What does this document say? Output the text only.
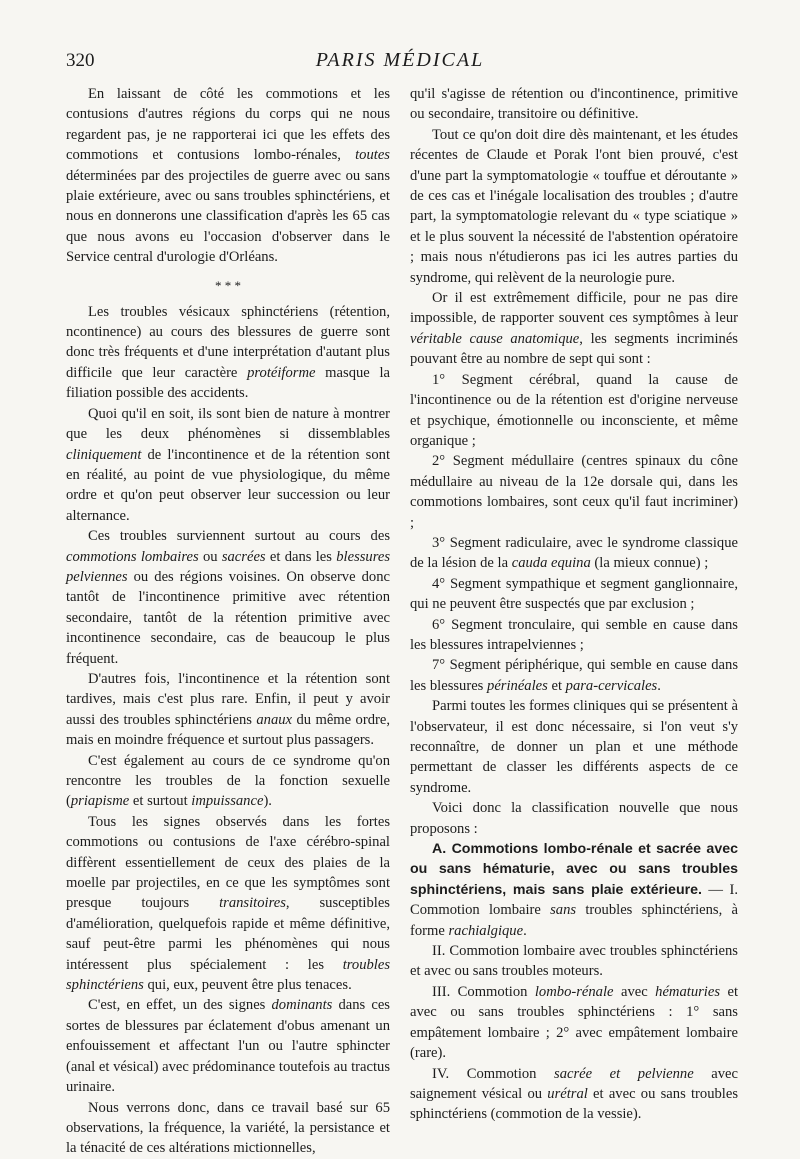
320	PARIS MÉDICAL

En laissant de côté les commotions et les contusions d'autres régions du corps qui ne nous regardent pas, je ne rapporterai ici que les effets des commotions et contusions lombo-rénales, toutes déterminées par des projectiles de guerre avec ou sans plaie extérieure, avec ou sans troubles sphinctériens, et nous en donnerons une classification d'après les 65 cas que nous avons eu l'occasion d'observer dans le Service central d'urologie d'Orléans.

* * *

Les troubles vésicaux sphinctériens (rétention, ncontinence) au cours des blessures de guerre sont donc très fréquents et d'une interprétation d'autant plus difficile que leur caractère protéiforme masque la filiation possible des accidents.

Quoi qu'il en soit, ils sont bien de nature à montrer que les deux phénomènes si dissemblables cliniquement de l'incontinence et de la rétention sont en réalité, au point de vue physiologique, du même ordre et qu'on peut observer leur succession ou leur alternance.

Ces troubles surviennent surtout au cours des commotions lombaires ou sacrées et dans les blessures pelviennes ou des régions voisines. On observe donc tantôt de l'incontinence primitive avec rétention secondaire, tantôt de la rétention primitive avec incontinence secondaire, cas de beaucoup le plus fréquent.

D'autres fois, l'incontinence et la rétention sont tardives, mais c'est plus rare. Enfin, il peut y avoir aussi des troubles sphinctériens anaux du même ordre, mais en moindre fréquence et surtout plus passagers.

C'est également au cours de ce syndrome qu'on rencontre les troubles de la fonction sexuelle (priapisme et surtout impuissance).

Tous les signes observés dans les fortes commotions ou contusions de l'axe cérébro-spinal diffèrent essentiellement de ceux des plaies de la moelle par projectiles, en ce que les symptômes sont presque toujours transitoires, susceptibles d'amélioration, quelquefois rapide et même définitive, sauf peut-être parmi les phénomènes qui nous intéressent plus spécialement : les troubles sphinctériens qui, eux, peuvent être plus tenaces.

C'est, en effet, un des signes dominants dans ces sortes de blessures par éclatement d'obus amenant un enfouissement et affectant l'un ou l'autre sphincter (anal et vésical) avec prédominance toutefois au tractus urinaire.

Nous verrons donc, dans ce travail basé sur 65 observations, la fréquence, la variété, la persistance et la ténacité de ces altérations mictionnelles,

qu'il s'agisse de rétention ou d'incontinence, primitive ou secondaire, transitoire ou définitive.

Tout ce qu'on doit dire dès maintenant, et les études récentes de Claude et Porak l'ont bien prouvé, c'est d'une part la symptomatologie « touffue et déroutante » de ces cas et l'inégale localisation des troubles ; d'autre part, la symptomatologie relevant du « type sciatique » et le plus souvent la nécessité de l'abstention opératoire ; mais nous n'étudierons pas ici les autres parties du syndrome, qui relèvent de la neurologie pure.

Or il est extrêmement difficile, pour ne pas dire impossible, de rapporter souvent ces symptômes à leur véritable cause anatomique, les segments incriminés pouvant être au nombre de sept qui sont :

1° Segment cérébral, quand la cause de l'incontinence ou de la rétention est d'origine nerveuse et psychique, émotionnelle ou inconsciente, et même organique ;

2° Segment médullaire (centres spinaux du cône médullaire au niveau de la 12e dorsale qui, dans les commotions lombaires, sont ceux qu'il faut incriminer) ;

3° Segment radiculaire, avec le syndrome classique de la lésion de la cauda equina (la mieux connue) ;

4° Segment sympathique et segment ganglionnaire, qui ne peuvent être suspectés que par exclusion ;

6° Segment tronculaire, qui semble en cause dans les blessures intrapelviennes ;

7° Segment périphérique, qui semble en cause dans les blessures périnéales et para-cervicales.

Parmi toutes les formes cliniques qui se présentent à l'observateur, il est donc nécessaire, si l'on veut s'y reconnaître, de donner un plan et une méthode permettant de classer les différents aspects de ce syndrome.

Voici donc la classification nouvelle que nous proposons :

A. Commotions lombo-rénale et sacrée avec ou sans hématurie, avec ou sans troubles sphinctériens, mais sans plaie extérieure. — I. Commotion lombaire sans troubles sphinctériens, à forme rachialgique.

II. Commotion lombaire avec troubles sphinctériens et avec ou sans troubles moteurs.

III. Commotion lombo-rénale avec hématuries et avec ou sans troubles sphinctériens : 1° sans empâtement lombaire ; 2° avec empâtement lombaire (rare).

IV. Commotion sacrée et pelvienne avec saignement vésical ou urétral et avec ou sans troubles sphinctériens (commotion de la vessie).
